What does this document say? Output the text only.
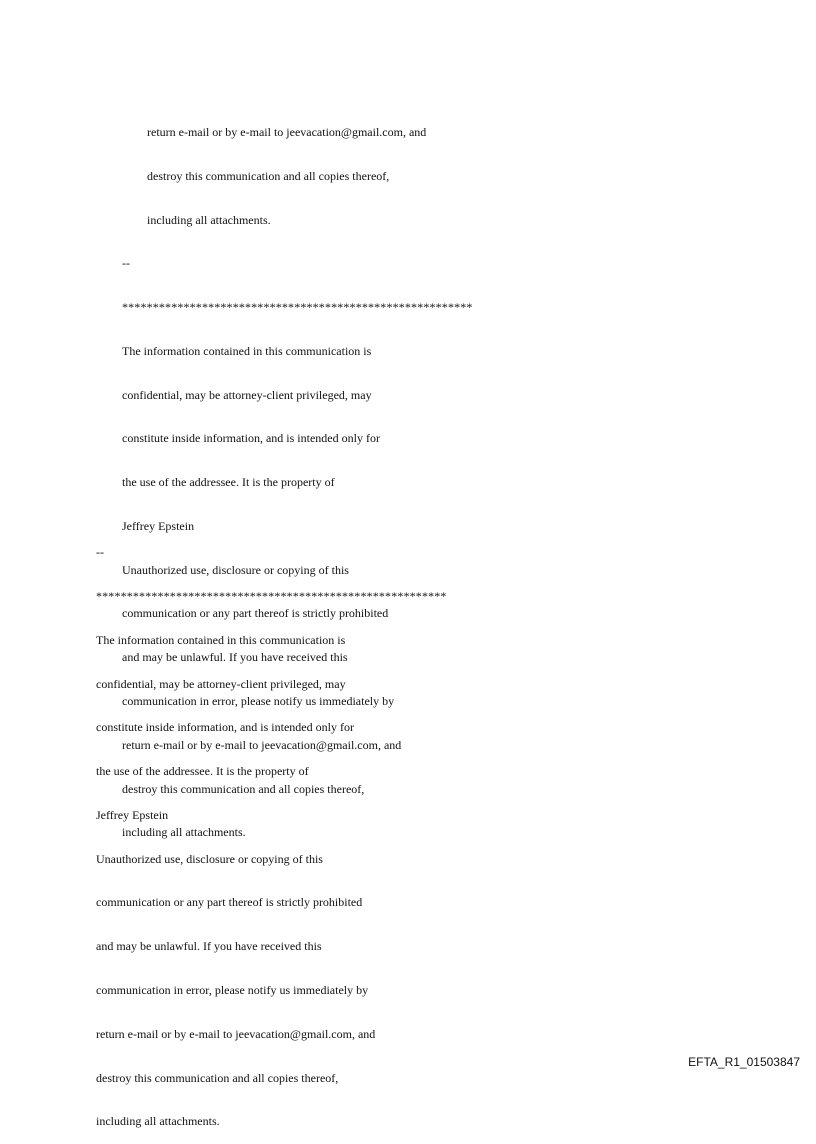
return e-mail or by e-mail to jeevacation@gmail.com, and

destroy this communication and all copies thereof,

including all attachments.

--

*********************************************************

The information contained in this communication is

confidential, may be attorney-client privileged, may

constitute inside information, and is intended only for

the use of the addressee. It is the property of

Jeffrey Epstein

Unauthorized use, disclosure or copying of this

communication or any part thereof is strictly prohibited

and may be unlawful. If you have received this

communication in error, please notify us immediately by

return e-mail or by e-mail to jeevacation@gmail.com, and

destroy this communication and all copies thereof,

including all attachments.

--

*********************************************************

The information contained in this communication is

confidential, may be attorney-client privileged, may

constitute inside information, and is intended only for

the use of the addressee. It is the property of

Jeffrey Epstein

Unauthorized use, disclosure or copying of this

communication or any part thereof is strictly prohibited

and may be unlawful. If you have received this

communication in error, please notify us immediately by

return e-mail or by e-mail to jeevacation@gmail.com, and

destroy this communication and all copies thereof,

including all attachments.

EFTA_R1_01503847
